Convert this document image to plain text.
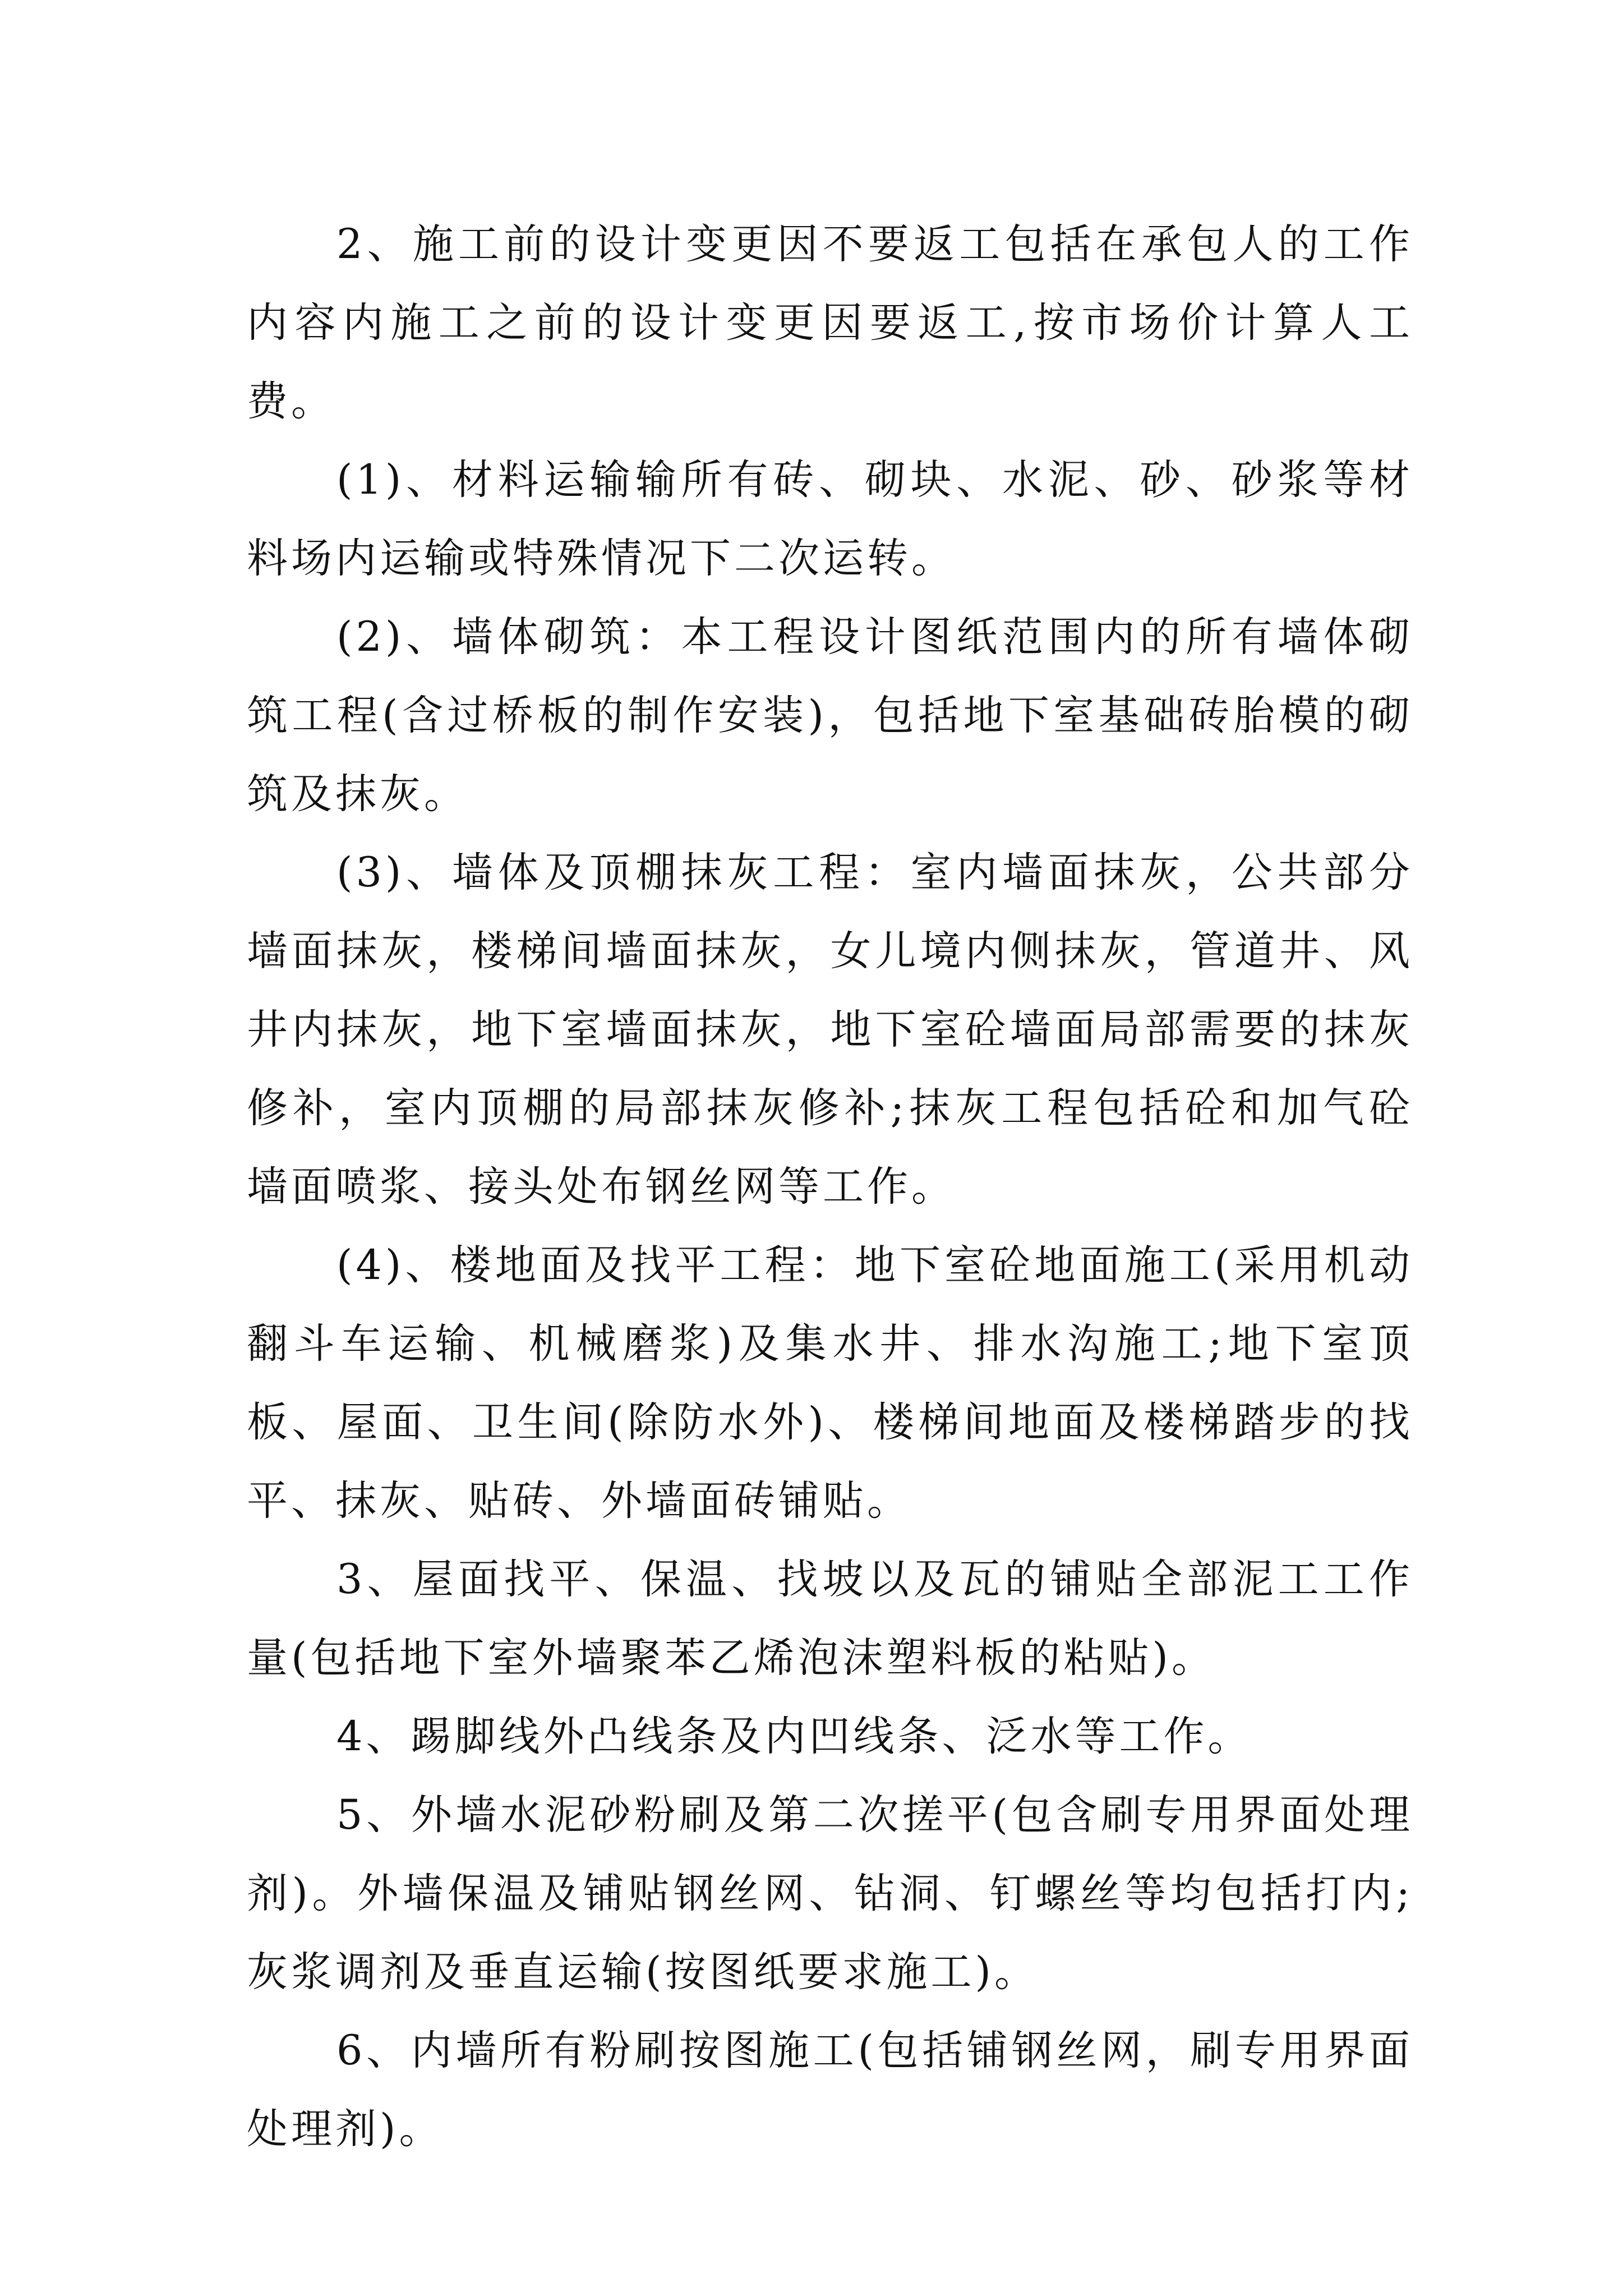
2、施工前的设计变更因不要返工包括在承包人的工作内容内施工之前的设计变更因要返工,按市场价计算人工费。

(1)、材料运输输所有砖、砌块、水泥、砂、砂浆等材料场内运输或特殊情况下二次运转。

(2)、墙体砌筑：本工程设计图纸范围内的所有墙体砌筑工程(含过桥板的制作安装)，包括地下室基础砖胎模的砌筑及抹灰。

(3)、墙体及顶棚抹灰工程：室内墙面抹灰，公共部分墙面抹灰，楼梯间墙面抹灰，女儿境内侧抹灰，管道井、风井内抹灰，地下室墙面抹灰，地下室砼墙面局部需要的抹灰修补，室内顶棚的局部抹灰修补;抹灰工程包括砼和加气砼墙面喷浆、接头处布钢丝网等工作。

(4)、楼地面及找平工程：地下室砼地面施工(采用机动翻斗车运输、机械磨浆)及集水井、排水沟施工;地下室顶板、屋面、卫生间(除防水外)、楼梯间地面及楼梯踏步的找平、抹灰、贴砖、外墙面砖铺贴。

3、屋面找平、保温、找坡以及瓦的铺贴全部泥工工作量(包括地下室外墙聚苯乙烯泡沫塑料板的粘贴)。

4、踢脚线外凸线条及内凹线条、泛水等工作。

5、外墙水泥砂粉刷及第二次搓平(包含刷专用界面处理剂)。外墙保温及铺贴钢丝网、钻洞、钉螺丝等均包括打内;灰浆调剂及垂直运输(按图纸要求施工)。

6、内墙所有粉刷按图施工(包括铺钢丝网，刷专用界面处理剂)。
